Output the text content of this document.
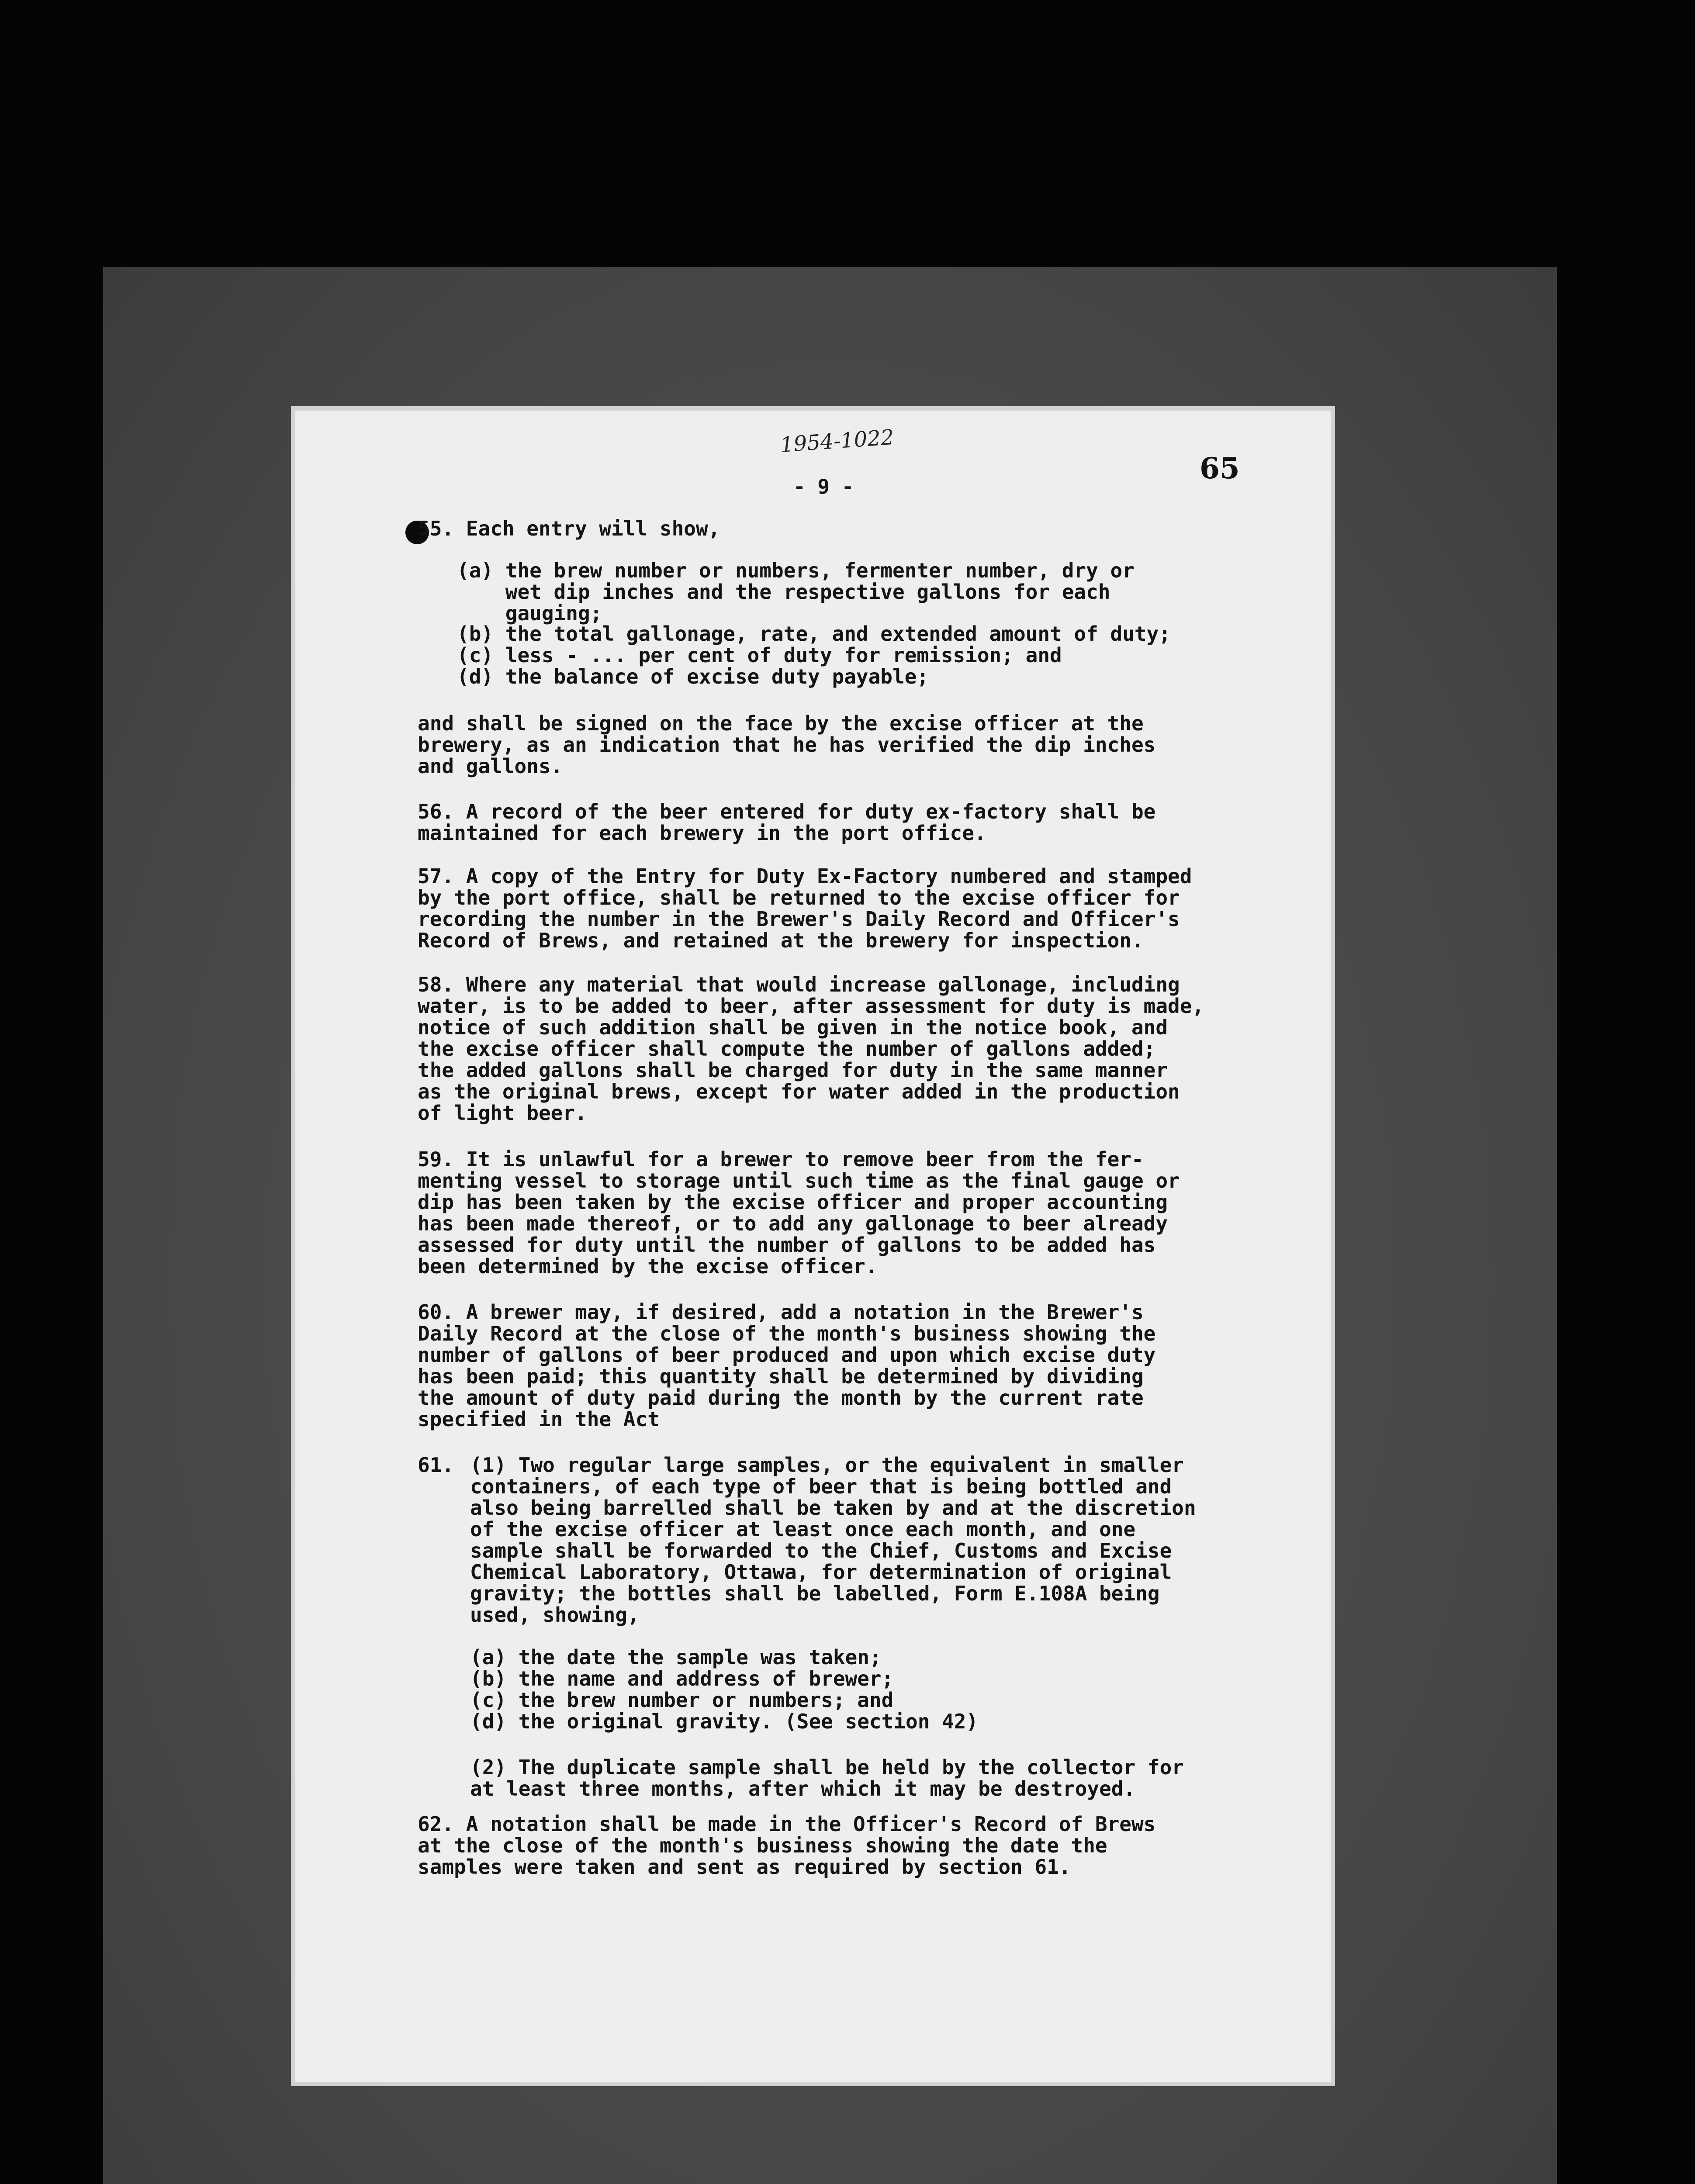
1954-1022

65

- 9 -

55. Each entry will show,

(a) the brew number or numbers, fermenter number, dry or
wet dip inches and the respective gallons for each
gauging;

(b) the total gallonage, rate, and extended amount of duty;

(c) less - ... per cent of duty for remission; and

(d) the balance of excise duty payable;

and shall be signed on the face by the excise officer at the
brewery, as an indication that he has verified the dip inches
and gallons.

56. A record of the beer entered for duty ex-factory shall be
maintained for each brewery in the port office.

57. A copy of the Entry for Duty Ex-Factory numbered and stamped
by the port office, shall be returned to the excise officer for
recording the number in the Brewer's Daily Record and Officer's
Record of Brews, and retained at the brewery for inspection.

58. Where any material that would increase gallonage, including
water, is to be added to beer, after assessment for duty is made,
notice of such addition shall be given in the notice book, and
the excise officer shall compute the number of gallons added;
the added gallons shall be charged for duty in the same manner
as the original brews, except for water added in the production
of light beer.

59. It is unlawful for a brewer to remove beer from the fer-
menting vessel to storage until such time as the final gauge or
dip has been taken by the excise officer and proper accounting
has been made thereof, or to add any gallonage to beer already
assessed for duty until the number of gallons to be added has
been determined by the excise officer.

60. A brewer may, if desired, add a notation in the Brewer's
Daily Record at the close of the month's business showing the
number of gallons of beer produced and upon which excise duty
has been paid; this quantity shall be determined by dividing
the amount of duty paid during the month by the current rate
specified in the Act

61. (1) Two regular large samples, or the equivalent in smaller
containers, of each type of beer that is being bottled and
also being barrelled shall be taken by and at the discretion
of the excise officer at least once each month, and one
sample shall be forwarded to the Chief, Customs and Excise
Chemical Laboratory, Ottawa, for determination of original
gravity; the bottles shall be labelled, Form E.108A being
used, showing,

(a) the date the sample was taken;

(b) the name and address of brewer;

(c) the brew number or numbers; and

(d) the original gravity. (See section 42)

(2) The duplicate sample shall be held by the collector for
at least three months, after which it may be destroyed.

62. A notation shall be made in the Officer's Record of Brews
at the close of the month's business showing the date the
samples were taken and sent as required by section 61.
